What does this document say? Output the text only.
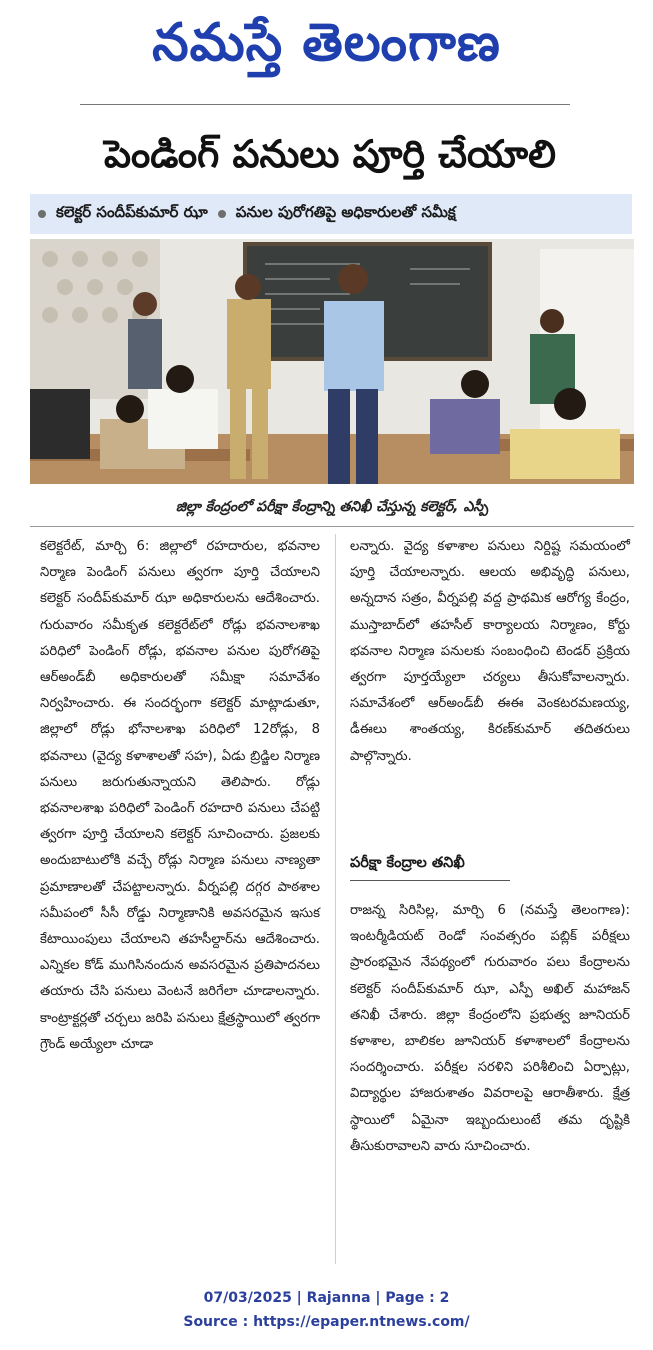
నమస్తే తెలంగాణ
పెండింగ్ పనులు పూర్తి చేయాలి
కలెక్టర్ సందీప్‌కుమార్ ఝా పనుల పురోగతిపై అధికారులతో సమీక్ష
జిల్లా కేంద్రంలో పరీక్షా కేంద్రాన్ని తనిఖీ చేస్తున్న కలెక్టర్, ఎస్పీ

కలెక్టరేట్, మార్చి 6: జిల్లాలో రహదారుల, భవనాల నిర్మాణ పెండింగ్ పనులు త్వరగా పూర్తి చేయాలని కలెక్టర్ సందీప్‌కుమార్ ఝా అధికారులను ఆదేశించారు. గురువారం సమీకృత కలెక్టరేట్‌లో రోడ్లు భవనాలశాఖ పరిధిలో పెండింగ్ రోడ్లు, భవనాల పనుల పురోగతిపై ఆర్అండ్‌బీ అధికారులతో సమీక్షా సమావేశం నిర్వహించారు. ఈ సందర్భంగా కలెక్టర్ మాట్లాడుతూ, జిల్లాలో రోడ్లు భోనాలశాఖ పరిధిలో 12రోడ్లు, 8 భవనాలు (వైద్య కళాశాలతో సహ), ఏడు బ్రిడ్జిల నిర్మాణ పనులు జరుగుతున్నాయని తెలిపారు. రోడ్లు భవనాలశాఖ పరిధిలో పెండింగ్ రహదారి పనులు చేపట్టి త్వరగా పూర్తి చేయాలని కలెక్టర్ సూచించారు. ప్రజలకు అందుబాటులోకి వచ్చే రోడ్లు నిర్మాణ పనులు నాణ్యతా ప్రమాణాలతో చేపట్టాలన్నారు. వీర్నపల్లి దగ్గర పాఠశాల సమీపంలో సీసీ రోడ్డు నిర్మాణానికి అవసరమైన ఇసుక కేటాయింపులు చేయాలని తహసీల్దార్‌ను ఆదేశించారు. ఎన్నికల కోడ్ ముగిసినందున అవసరమైన ప్రతిపాదనలు తయారు చేసి పనులు వెంటనే జరిగేలా చూడాలన్నారు. కాంట్రాక్టర్లతో చర్చలు జరిపి పనులు క్షేత్రస్థాయిలో త్వరగా గ్రౌండ్ అయ్యేలా చూడా

లన్నారు. వైద్య కళాశాల పనులు నిర్దిష్ట సమయంలో పూర్తి చేయాలన్నారు. ఆలయ అభివృద్ధి పనులు, అన్నదాన సత్రం, వీర్నపల్లి వద్ద ప్రాథమిక ఆరోగ్య కేంద్రం, ముస్తాబాద్‌లో తహసీల్ కార్యాలయ నిర్మాణం, కోర్టు భవనాల నిర్మాణ పనులకు సంబంధించి టెండర్ ప్రక్రియ త్వరగా పూర్తయ్యేలా చర్యలు తీసుకోవాలన్నారు. సమావేశంలో ఆర్అండ్‌బీ ఈఈ వెంకటరమణయ్య, డీఈలు శాంతయ్య, కిరణ్‌కుమార్ తదితరులు పాల్గొన్నారు.

పరీక్షా కేంద్రాల తనిఖీ

రాజన్న సిరిసిల్ల, మార్చి 6 (నమస్తే తెలంగాణ): ఇంటర్మీడియట్ రెండో సంవత్సరం పబ్లిక్ పరీక్షలు ప్రారంభమైన నేపథ్యంలో గురువారం పలు కేంద్రాలను కలెక్టర్ సందీప్‌కుమార్ ఝా, ఎస్పీ అఖిల్ మహాజన్ తనిఖీ చేశారు. జిల్లా కేంద్రంలోని ప్రభుత్వ జూనియర్ కళాశాల, బాలికల జూనియర్ కళాశాలలో కేంద్రాలను సందర్శించారు. పరీక్షల సరళిని పరిశీలించి ఏర్పాట్లు, విద్యార్థుల హాజరుశాతం వివరాలపై ఆరాతీశారు. క్షేత్ర స్థాయిలో ఏమైనా ఇబ్బందులుంటే తమ దృష్టికి తీసుకురావాలని వారు సూచించారు.

07/03/2025 | Rajanna | Page : 2
Source : https://epaper.ntnews.com/
